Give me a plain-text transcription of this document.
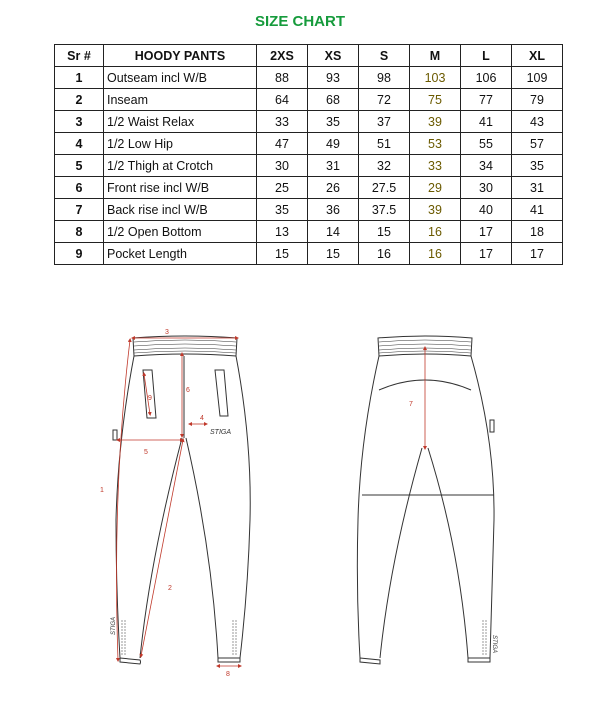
SIZE CHART
Sr #	HOODY PANTS	2XS	XS	S	M	L	XL
1	Outseam incl W/B	88	93	98	103	106	109
2	Inseam	64	68	72	75	77	79
3	1/2 Waist Relax	33	35	37	39	41	43
4	1/2 Low Hip	47	49	51	53	55	57
5	1/2 Thigh at Crotch	30	31	32	33	34	35
6	Front rise incl W/B	25	26	27.5	29	30	31
7	Back rise incl W/B	35	36	37.5	39	40	41
8	1/2 Open Bottom	13	14	15	16	17	18
9	Pocket Length	15	15	16	16	17	17
STIGA
STIGA
3
1
2
5
6
4
9
8
STIGA
7
